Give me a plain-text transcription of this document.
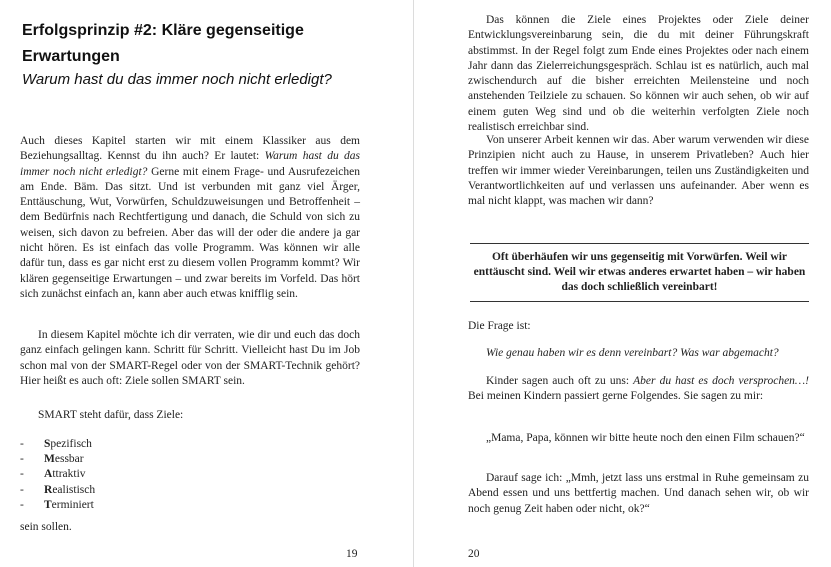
Erfolgsprinzip #2: Kläre gegenseitige
Erwartungen
Warum hast du das immer noch nicht erledigt?

Auch dieses Kapitel starten wir mit einem Klassiker aus dem Beziehungsalltag. Kennst du ihn auch? Er lautet: Warum hast du das immer noch nicht erledigt? Gerne mit einem Frage- und Ausrufezeichen am Ende. Bäm. Das sitzt. Und ist verbunden mit ganz viel Ärger, Enttäuschung, Wut, Vorwürfen, Schuldzuweisungen und Betroffenheit – dem Bedürfnis nach Rechtfertigung und danach, die Schuld von sich zu weisen, sich davon zu befreien. Aber das will der oder die andere ja gar nicht hören. Es ist einfach das volle Programm. Was können wir alle dafür tun, dass es gar nicht erst zu diesem vollen Programm kommt? Wir klären gegenseitige Erwartungen – und zwar bereits im Vorfeld. Das hört sich zunächst einfach an, kann aber auch etwas knifflig sein.

In diesem Kapitel möchte ich dir verraten, wie dir und euch das doch ganz einfach gelingen kann. Schritt für Schritt. Vielleicht hast Du im Job schon mal von der SMART-Regel oder von der SMART-Technik gehört? Hier heißt es auch oft: Ziele sollen SMART sein.

SMART steht dafür, dass Ziele:
-	S pezifisch
-	M essbar
-	A ttraktiv
-	R ealistisch
-	T erminiert
sein sollen.
19

Das können die Ziele eines Projektes oder Ziele deiner Entwicklungsvereinbarung sein, die du mit deiner Führungskraft abstimmst. In der Regel folgt zum Ende eines Projektes oder nach einem Jahr dann das Zielerreichungsgespräch. Schlau ist es natürlich, auch mal zwischendurch auf die bisher erreichten Meilensteine und noch anstehenden Teilziele zu schauen. So können wir auch sehen, ob wir auf einem guten Weg sind und ob die weiterhin verfolgten Ziele noch realistisch erreichbar sind.

Von unserer Arbeit kennen wir das. Aber warum verwenden wir diese Prinzipien nicht auch zu Hause, in unserem Privatleben? Auch hier treffen wir immer wieder Vereinbarungen, teilen uns Zuständigkeiten und Verantwortlichkeiten auf und verlassen uns aufeinander. Aber wenn es mal nicht klappt, was machen wir dann?

Oft überhäufen wir uns gegenseitig mit Vorwürfen. Weil wir enttäuscht sind. Weil wir etwas anderes erwartet haben – wir haben das doch schließlich vereinbart!
Die Frage ist:
Wie genau haben wir es denn vereinbart? Was war abgemacht?

Kinder sagen auch oft zu uns: Aber du hast es doch versprochen…! Bei meinen Kindern passiert gerne Folgendes. Sie sagen zu mir:

„Mama, Papa, können wir bitte heute noch den einen Film schauen?“

Darauf sage ich: „Mmh, jetzt lass uns erstmal in Ruhe gemeinsam zu Abend essen und uns bettfertig machen. Und danach sehen wir, ob wir noch genug Zeit haben oder nicht, ok?“

20
